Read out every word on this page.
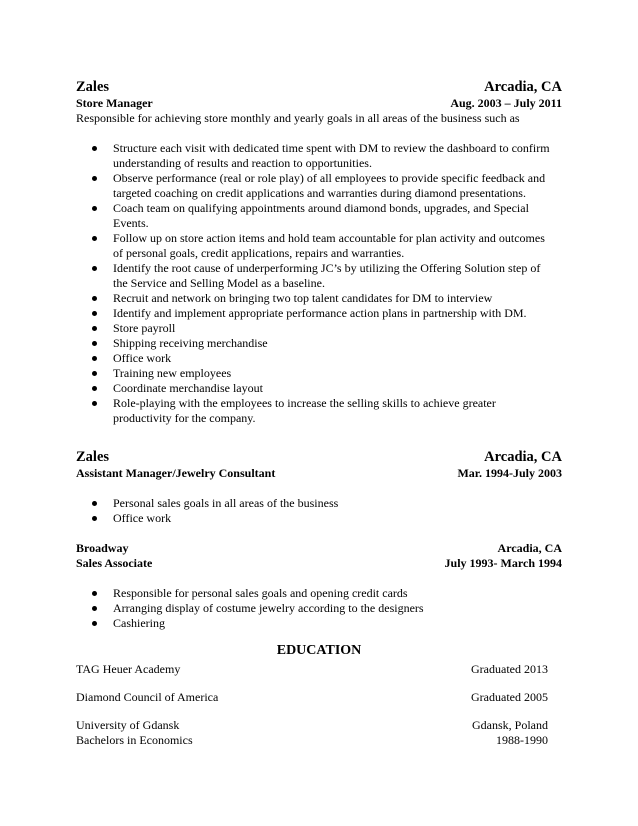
Zales	Arcadia, CA
Store Manager	Aug. 2003 – July 2011
Responsible for achieving store monthly and yearly goals in all areas of the business such as
Structure each visit with dedicated time spent with DM to review the dashboard to confirm understanding of results and reaction to opportunities.
Observe performance (real or role play) of all employees to provide specific feedback and targeted coaching on credit applications and warranties during diamond presentations.
Coach team on qualifying appointments around diamond bonds, upgrades, and Special Events.
Follow up on store action items and hold team accountable for plan activity and outcomes of personal goals, credit applications, repairs and warranties.
Identify the root cause of underperforming JC’s by utilizing the Offering Solution step of the Service and Selling Model as a baseline.
Recruit and network on bringing two top talent candidates for DM to interview
Identify and implement appropriate performance action plans in partnership with DM.
Store payroll
Shipping receiving merchandise
Office work
Training new employees
Coordinate merchandise layout
Role-playing with the employees to increase the selling skills to achieve greater productivity for the company.
Zales	Arcadia, CA
Assistant Manager/Jewelry Consultant	Mar. 1994-July 2003
Personal sales goals in all areas of the business
Office work
Broadway	Arcadia, CA
Sales Associate	July 1993- March 1994
Responsible for personal sales goals and opening credit cards
Arranging display of costume jewelry according to the designers
Cashiering
EDUCATION
TAG Heuer Academy	Graduated 2013
Diamond Council of America	Graduated 2005
University of Gdansk	Gdansk, Poland
Bachelors in Economics	1988-1990
